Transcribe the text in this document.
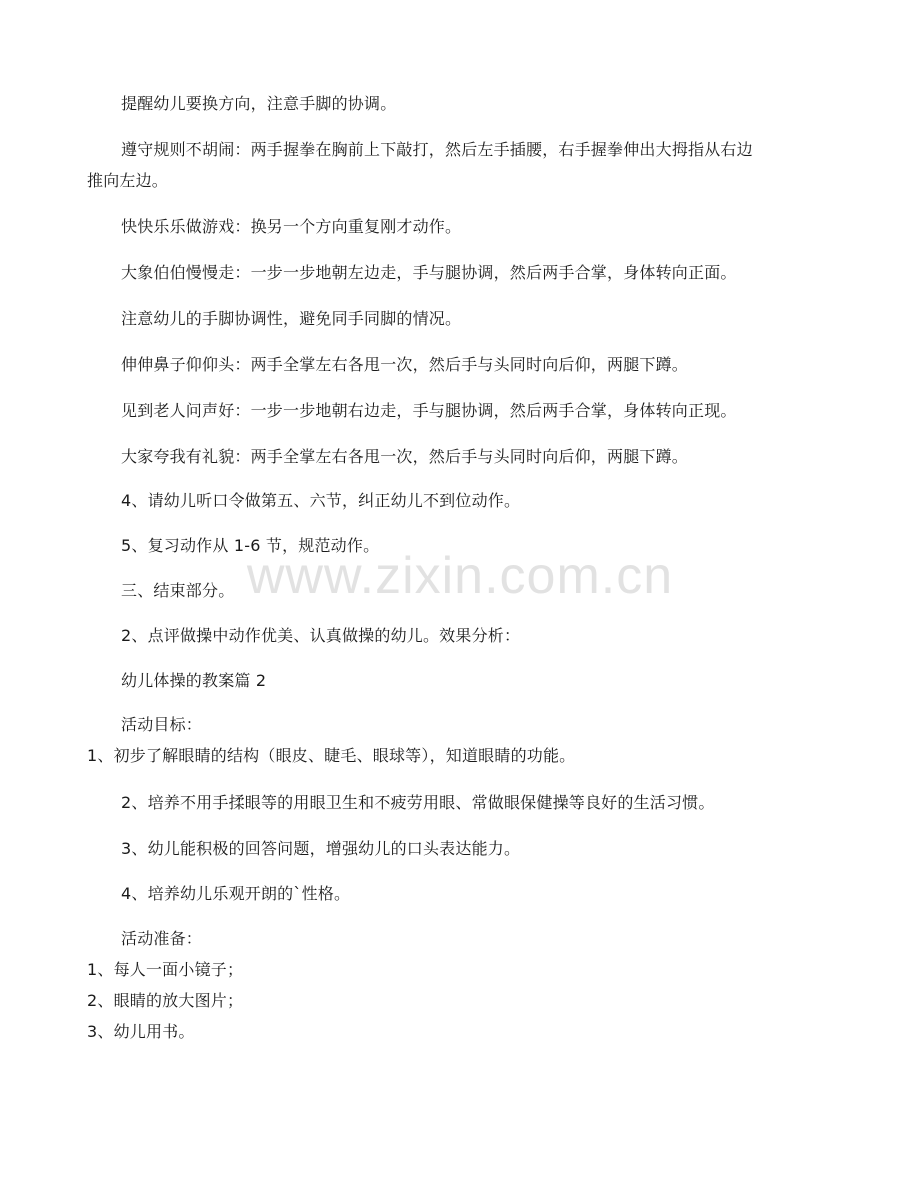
提醒幼儿要换方向，注意手脚的协调。
遵守规则不胡闹：两手握拳在胸前上下敲打，然后左手插腰，右手握拳伸出大拇指从右边
推向左边。
快快乐乐做游戏：换另一个方向重复刚才动作。
大象伯伯慢慢走：一步一步地朝左边走，手与腿协调，然后两手合掌，身体转向正面。
注意幼儿的手脚协调性，避免同手同脚的情况。
伸伸鼻子仰仰头：两手全掌左右各甩一次，然后手与头同时向后仰，两腿下蹲。
见到老人问声好：一步一步地朝右边走，手与腿协调，然后两手合掌，身体转向正现。
大家夸我有礼貌：两手全掌左右各甩一次，然后手与头同时向后仰，两腿下蹲。
4、请幼儿听口令做第五、六节，纠正幼儿不到位动作。
5、复习动作从 1-6 节，规范动作。
三、结束部分。
2、点评做操中动作优美、认真做操的幼儿。效果分析：
幼儿体操的教案篇 2
活动目标：
1、初步了解眼睛的结构（眼皮、睫毛、眼球等），知道眼睛的功能。
2、培养不用手揉眼等的用眼卫生和不疲劳用眼、常做眼保健操等良好的生活习惯。
3、幼儿能积极的回答问题，增强幼儿的口头表达能力。
4、培养幼儿乐观开朗的`性格。
活动准备：
1、每人一面小镜子；
2、眼睛的放大图片；
3、幼儿用书。
www.zixin.com.cn
